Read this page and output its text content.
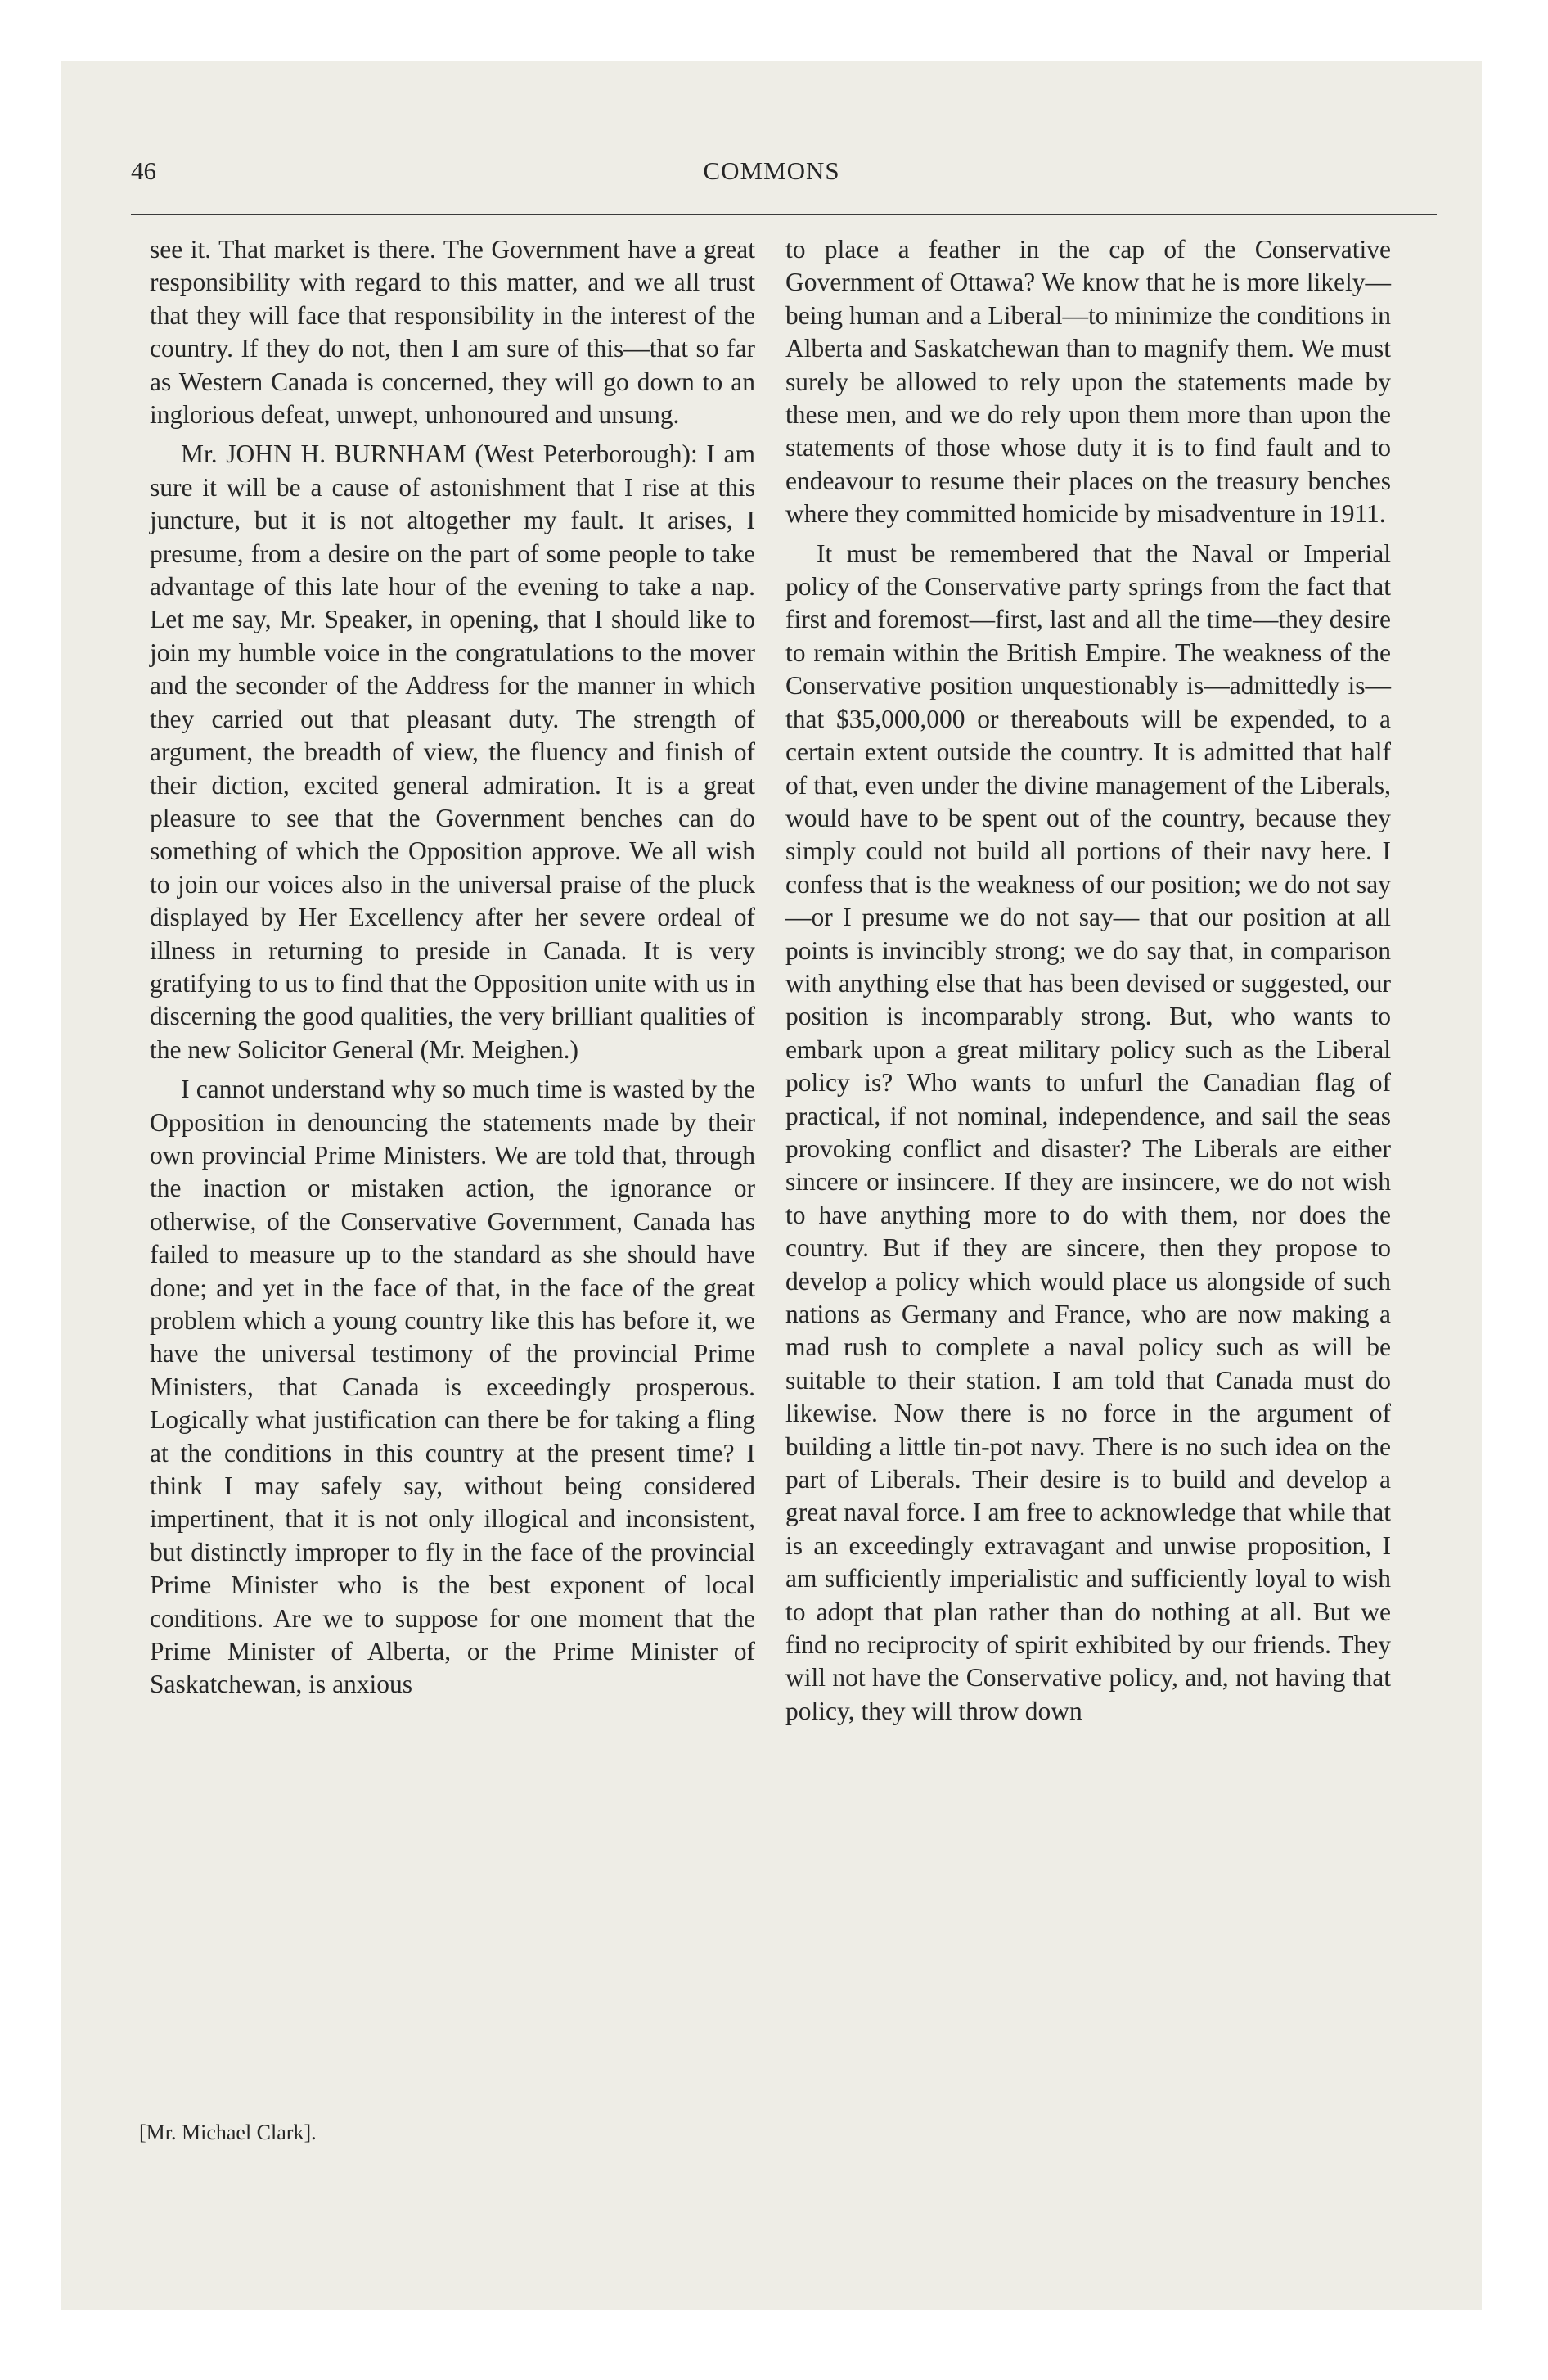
46	COMMONS

see it. That market is there. The Government have a great responsibility with regard to this matter, and we all trust that they will face that responsibility in the interest of the country. If they do not, then I am sure of this—that so far as Western Canada is concerned, they will go down to an inglorious defeat, unwept, unhonoured and unsung.

Mr. JOHN H. BURNHAM (West Peterborough): I am sure it will be a cause of astonishment that I rise at this juncture, but it is not altogether my fault. It arises, I presume, from a desire on the part of some people to take advantage of this late hour of the evening to take a nap. Let me say, Mr. Speaker, in opening, that I should like to join my humble voice in the congratulations to the mover and the seconder of the Address for the manner in which they carried out that pleasant duty. The strength of argument, the breadth of view, the fluency and finish of their diction, excited general admiration. It is a great pleasure to see that the Government benches can do something of which the Opposition approve. We all wish to join our voices also in the universal praise of the pluck displayed by Her Excellency after her severe ordeal of illness in returning to preside in Canada. It is very gratifying to us to find that the Opposition unite with us in discerning the good qualities, the very brilliant qualities of the new Solicitor General (Mr. Meighen.)

I cannot understand why so much time is wasted by the Opposition in denouncing the statements made by their own provincial Prime Ministers. We are told that, through the inaction or mistaken action, the ignorance or otherwise, of the Conservative Government, Canada has failed to measure up to the standard as she should have done; and yet in the face of that, in the face of the great problem which a young country like this has before it, we have the universal testimony of the provincial Prime Ministers, that Canada is exceedingly prosperous. Logically what justification can there be for taking a fling at the conditions in this country at the present time? I think I may safely say, without being considered impertinent, that it is not only illogical and inconsistent, but distinctly improper to fly in the face of the provincial Prime Minister who is the best exponent of local conditions. Are we to suppose for one moment that the Prime Minister of Alberta, or the Prime Minister of Saskatchewan, is anxious

to place a feather in the cap of the Conservative Government of Ottawa? We know that he is more likely—being human and a Liberal—to minimize the conditions in Alberta and Saskatchewan than to magnify them. We must surely be allowed to rely upon the statements made by these men, and we do rely upon them more than upon the statements of those whose duty it is to find fault and to endeavour to resume their places on the treasury benches where they committed homicide by misadventure in 1911.

It must be remembered that the Naval or Imperial policy of the Conservative party springs from the fact that first and foremost—first, last and all the time—they desire to remain within the British Empire. The weakness of the Conservative position unquestionably is—admittedly is—that $35,000,000 or thereabouts will be expended, to a certain extent outside the country. It is admitted that half of that, even under the divine management of the Liberals, would have to be spent out of the country, because they simply could not build all portions of their navy here. I confess that is the weakness of our position; we do not say—or I presume we do not say— that our position at all points is invincibly strong; we do say that, in comparison with anything else that has been devised or suggested, our position is incomparably strong. But, who wants to embark upon a great military policy such as the Liberal policy is? Who wants to unfurl the Canadian flag of practical, if not nominal, independence, and sail the seas provoking conflict and disaster? The Liberals are either sincere or insincere. If they are insincere, we do not wish to have anything more to do with them, nor does the country. But if they are sincere, then they propose to develop a policy which would place us alongside of such nations as Germany and France, who are now making a mad rush to complete a naval policy such as will be suitable to their station. I am told that Canada must do likewise. Now there is no force in the argument of building a little tin-pot navy. There is no such idea on the part of Liberals. Their desire is to build and develop a great naval force. I am free to acknowledge that while that is an exceedingly extravagant and unwise proposition, I am sufficiently imperialistic and sufficiently loyal to wish to adopt that plan rather than do nothing at all. But we find no reciprocity of spirit exhibited by our friends. They will not have the Conservative policy, and, not having that policy, they will throw down

[Mr. Michael Clark].
